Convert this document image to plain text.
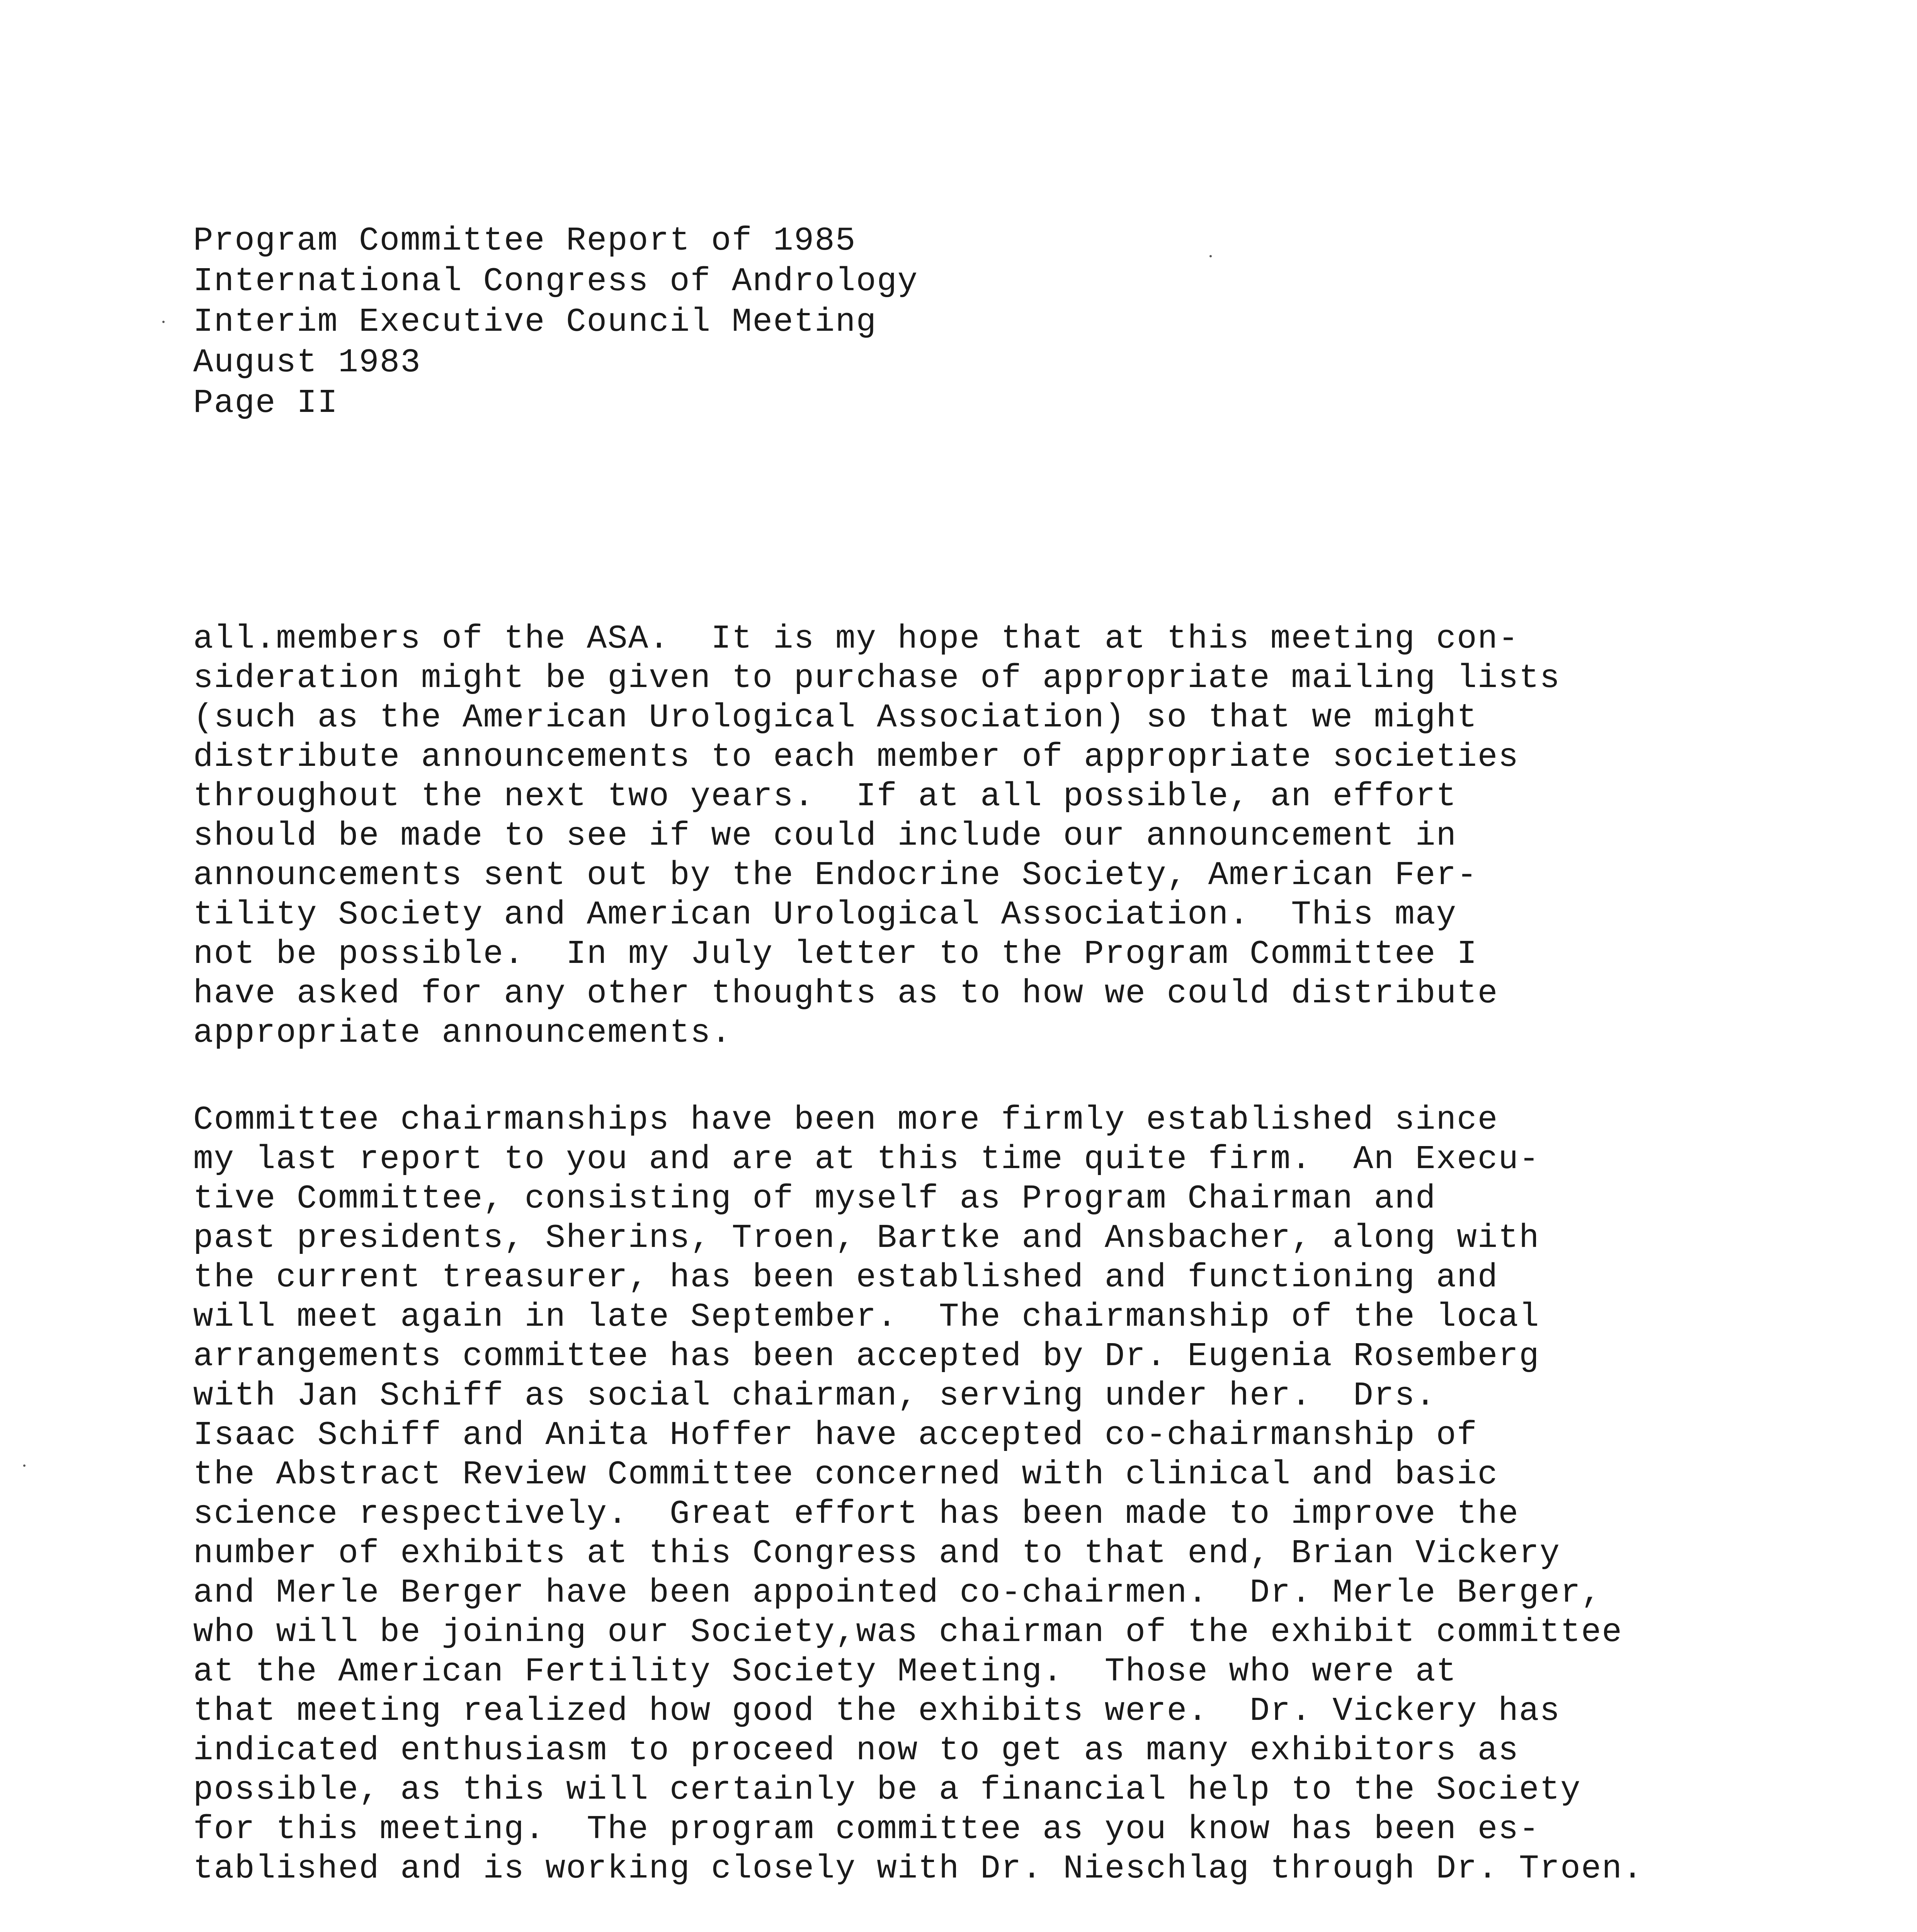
Program Committee Report of 1985
International Congress of Andrology
Interim Executive Council Meeting
August 1983
Page II
all.members of the ASA.  It is my hope that at this meeting con-
sideration might be given to purchase of appropriate mailing lists
(such as the American Urological Association) so that we might
distribute announcements to each member of appropriate societies
throughout the next two years.  If at all possible, an effort
should be made to see if we could include our announcement in
announcements sent out by the Endocrine Society, American Fer-
tility Society and American Urological Association.  This may
not be possible.  In my July letter to the Program Committee I
have asked for any other thoughts as to how we could distribute
appropriate announcements.
Committee chairmanships have been more firmly established since
my last report to you and are at this time quite firm.  An Execu-
tive Committee, consisting of myself as Program Chairman and
past presidents, Sherins, Troen, Bartke and Ansbacher, along with
the current treasurer, has been established and functioning and
will meet again in late September.  The chairmanship of the local
arrangements committee has been accepted by Dr. Eugenia Rosemberg
with Jan Schiff as social chairman, serving under her.  Drs.
Isaac Schiff and Anita Hoffer have accepted co-chairmanship of
the Abstract Review Committee concerned with clinical and basic
science respectively.  Great effort has been made to improve the
number of exhibits at this Congress and to that end, Brian Vickery
and Merle Berger have been appointed co-chairmen.  Dr. Merle Berger,
who will be joining our Society,was chairman of the exhibit committee
at the American Fertility Society Meeting.  Those who were at
that meeting realized how good the exhibits were.  Dr. Vickery has
indicated enthusiasm to proceed now to get as many exhibitors as
possible, as this will certainly be a financial help to the Society
for this meeting.  The program committee as you know has been es-
tablished and is working closely with Dr. Nieschlag through Dr. Troen.
